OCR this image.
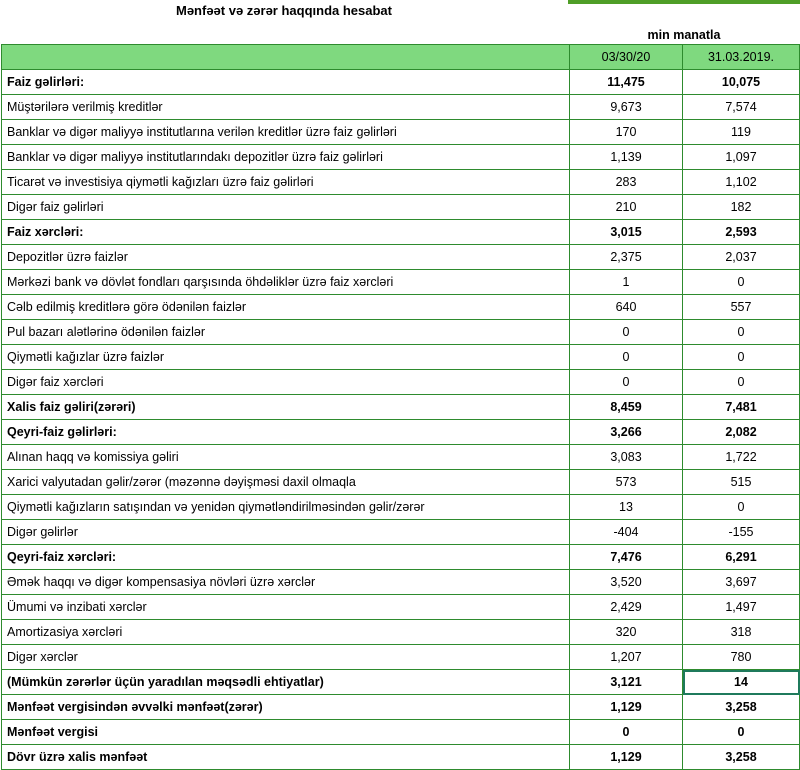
Mənfəət və zərər haqqında hesabat
min manatla
	03/30/20	31.03.2019.
Faiz gəlirləri:	11,475	10,075
Müştərilərə verilmiş kreditlər	9,673	7,574
Banklar və digər maliyyə institutlarına verilən kreditlər üzrə faiz gəlirləri	170	119
Banklar və digər maliyyə institutlarındakı depozitlər üzrə faiz gəlirləri	1,139	1,097
Ticarət və investisiya qiymətli kağızları üzrə faiz gəlirləri	283	1,102
Digər faiz gəlirləri	210	182
Faiz xərcləri:	3,015	2,593
Depozitlər üzrə faizlər	2,375	2,037
Mərkəzi bank və dövlət fondları qarşısında öhdəliklər üzrə faiz xərcləri	1	0
Cəlb edilmiş kreditlərə görə ödənilən faizlər	640	557
Pul bazarı alətlərinə ödənilən faizlər	0	0
Qiymətli kağızlar üzrə faizlər	0	0
Digər faiz xərcləri	0	0
Xalis faiz gəliri(zərəri)	8,459	7,481
Qeyri-faiz gəlirləri:	3,266	2,082
Alınan haqq və komissiya gəliri	3,083	1,722
Xarici valyutadan gəlir/zərər (məzənnə dəyişməsi daxil olmaqla	573	515
Qiymətli kağızların satışından və yenidən qiymətləndirilməsindən gəlir/zərər	13	0
Digər gəlirlər	-404	-155
Qeyri-faiz xərcləri:	7,476	6,291
Əmək haqqı və digər kompensasiya növləri üzrə xərclər	3,520	3,697
Ümumi və inzibati xərclər	2,429	1,497
Amortizasiya xərcləri	320	318
Digər xərclər	1,207	780
(Mümkün zərərlər üçün yaradılan məqsədli ehtiyatlar)	3,121	14
Mənfəət vergisindən əvvəlki mənfəət(zərər)	1,129	3,258
Mənfəət vergisi	0	0
Dövr üzrə xalis mənfəət	1,129	3,258
